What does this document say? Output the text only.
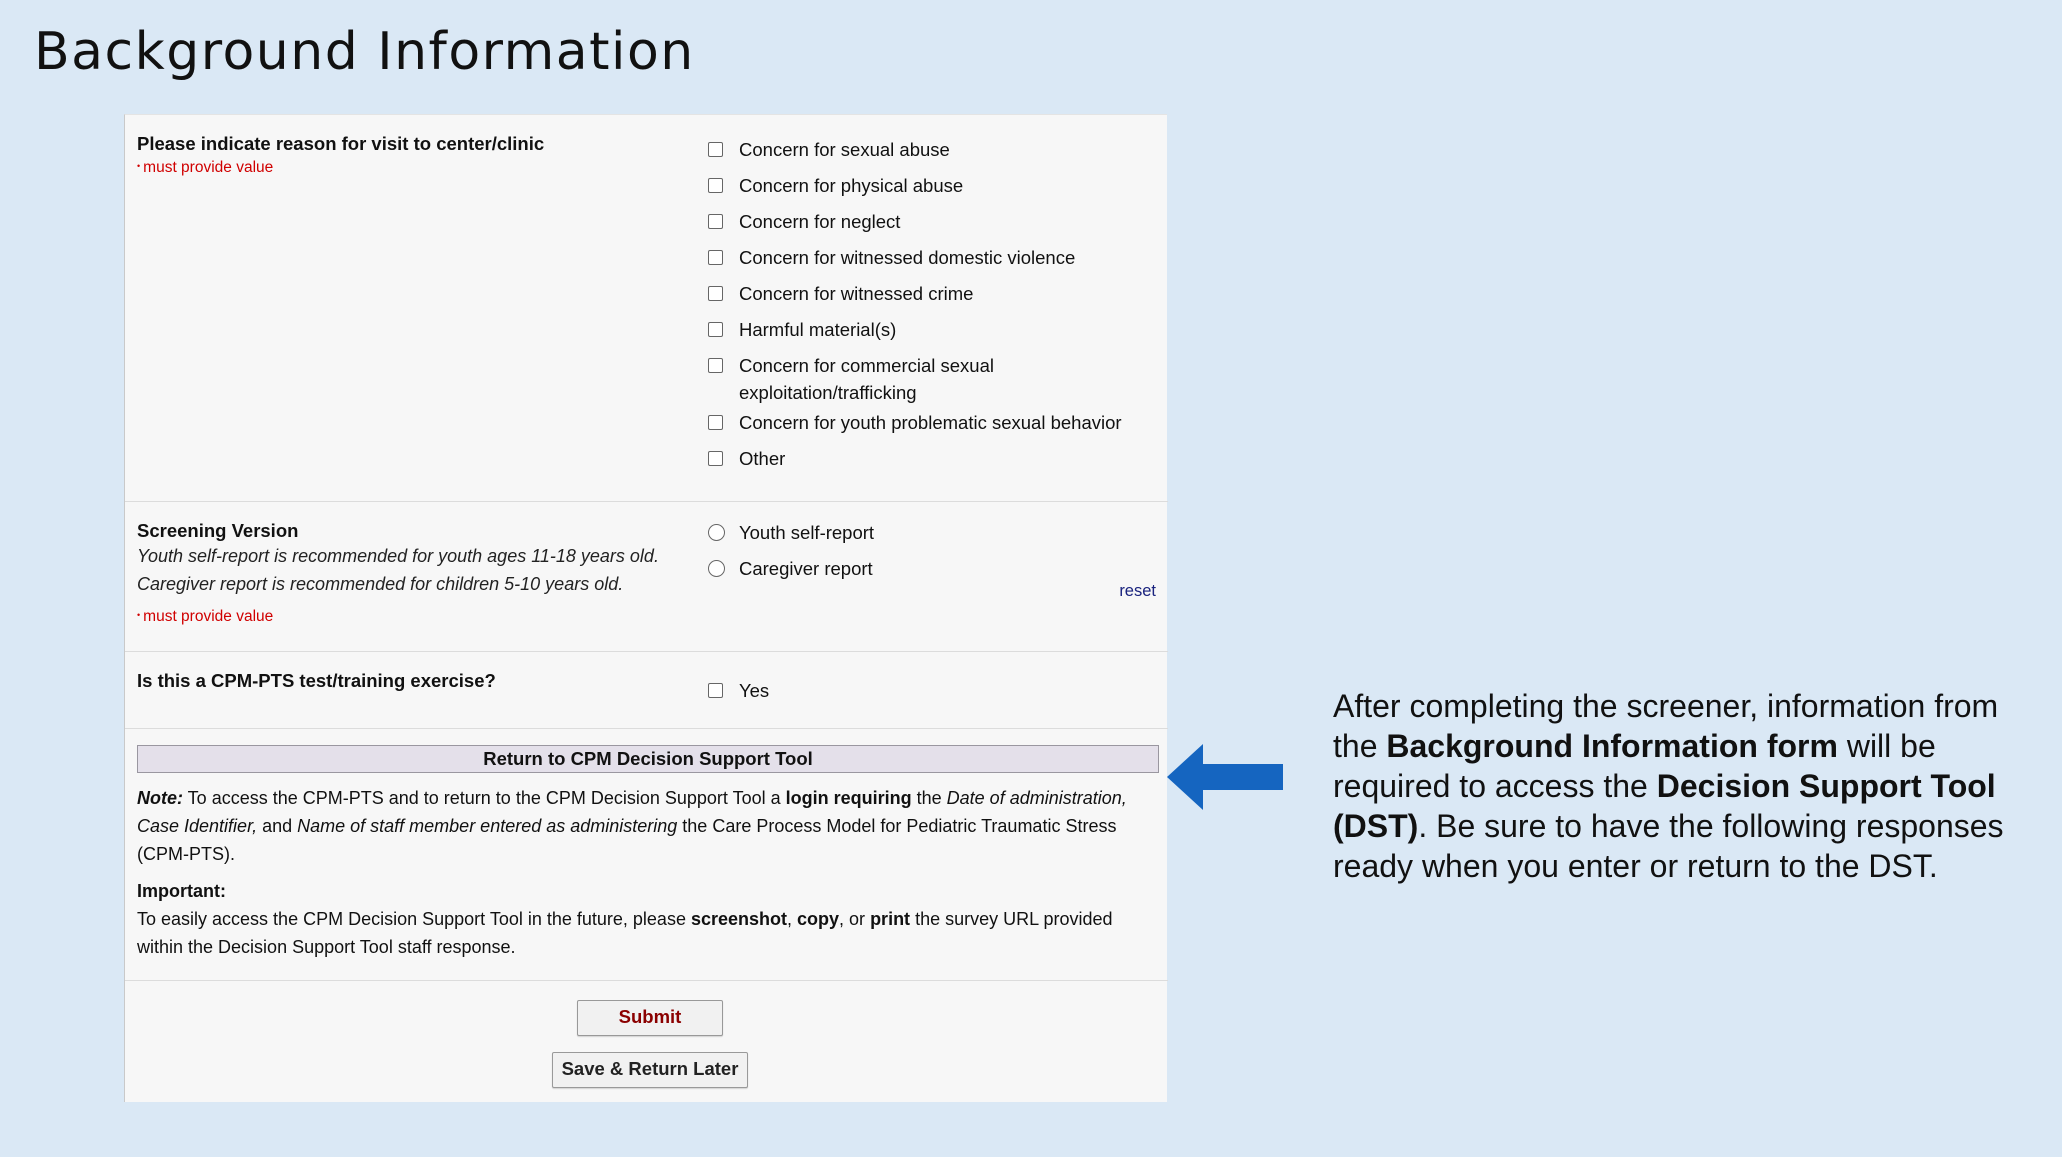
Background Information
Please indicate reason for visit to center/clinic
• must provide value
Concern for sexual abuse
Concern for physical abuse
Concern for neglect
Concern for witnessed domestic violence
Concern for witnessed crime
Harmful material(s)
Concern for commercial sexual
exploitation/trafficking
Concern for youth problematic sexual behavior
Other
Screening Version
Youth self-report is recommended for youth ages 11-18 years old.
Caregiver report is recommended for children 5-10 years old.
• must provide value
Youth self-report
Caregiver report
reset
Is this a CPM-PTS test/training exercise?	Yes
Return to CPM Decision Support Tool
Note: To access the CPM-PTS and to return to the CPM Decision Support Tool a login requiring the Date of administration, Case Identifier, and Name of staff member entered as administering the Care Process Model for Pediatric Traumatic Stress (CPM-PTS).
Important:
To easily access the CPM Decision Support Tool in the future, please screenshot, copy, or print the survey URL provided within the Decision Support Tool staff response.
Submit
Save & Return Later
After completing the screener, information from the Background Information form will be required to access the Decision Support Tool (DST). Be sure to have the following responses ready when you enter or return to the DST.
